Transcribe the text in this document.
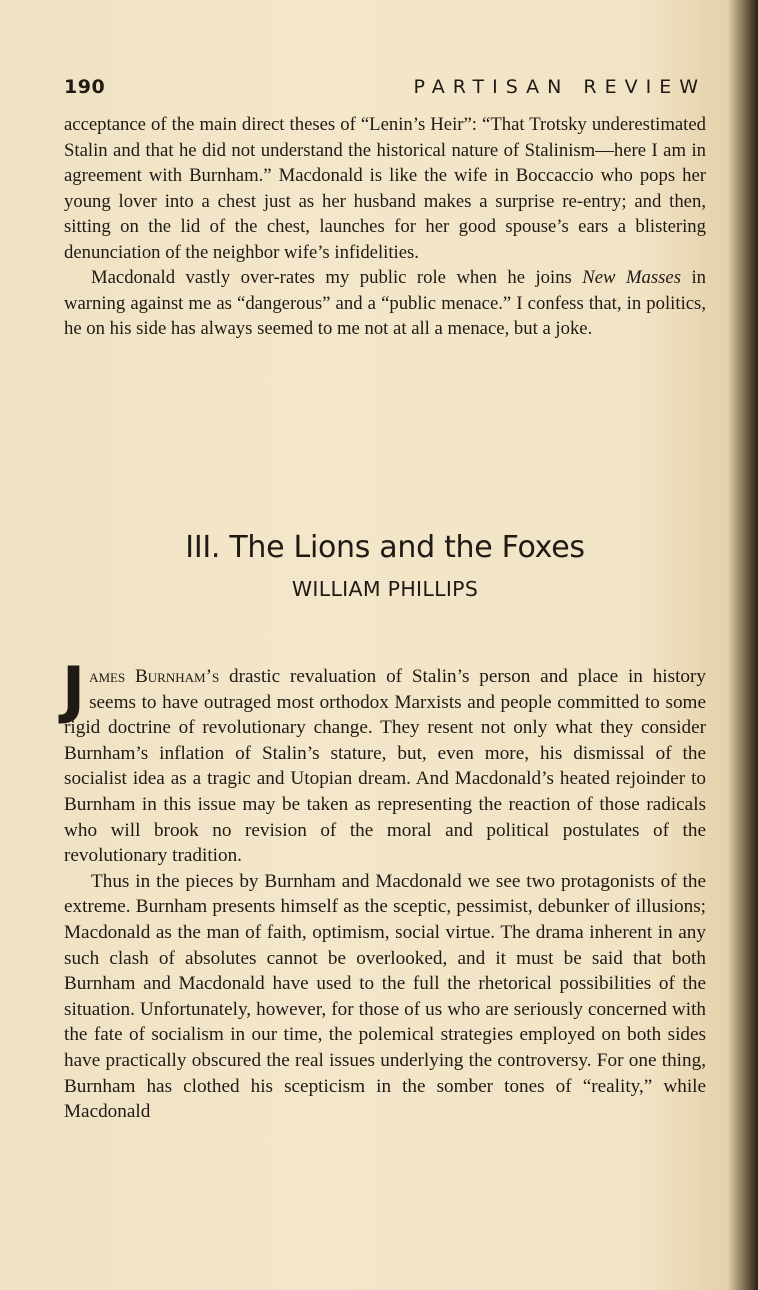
190	PARTISAN REVIEW

acceptance of the main direct theses of “Lenin’s Heir”: “That Trotsky underestimated Stalin and that he did not understand the historical nature of Stalinism—here I am in agreement with Burnham.” Macdonald is like the wife in Boccaccio who pops her young lover into a chest just as her husband makes a surprise re-entry; and then, sitting on the lid of the chest, launches for her good spouse’s ears a blistering denunciation of the neighbor wife’s infidelities.

Macdonald vastly over-rates my public role when he joins New Masses in warning against me as “dangerous” and a “public menace.” I confess that, in politics, he on his side has always seemed to me not at all a menace, but a joke.

III. The Lions and the Foxes
WILLIAM PHILLIPS

James Burnham’s drastic revaluation of Stalin’s person and place in history seems to have outraged most orthodox Marxists and people committed to some rigid doctrine of revolutionary change. They resent not only what they consider Burnham’s inflation of Stalin’s stature, but, even more, his dismissal of the socialist idea as a tragic and Utopian dream. And Macdonald’s heated rejoinder to Burnham in this issue may be taken as representing the reaction of those radicals who will brook no revision of the moral and political postulates of the revolutionary tradition.

Thus in the pieces by Burnham and Macdonald we see two protagonists of the extreme. Burnham presents himself as the sceptic, pessimist, debunker of illusions; Macdonald as the man of faith, optimism, social virtue. The drama inherent in any such clash of absolutes cannot be overlooked, and it must be said that both Burnham and Macdonald have used to the full the rhetorical possibilities of the situation. Unfortunately, however, for those of us who are seriously concerned with the fate of socialism in our time, the polemical strategies employed on both sides have practically obscured the real issues underlying the controversy. For one thing, Burnham has clothed his scepticism in the somber tones of “reality,” while Macdonald
